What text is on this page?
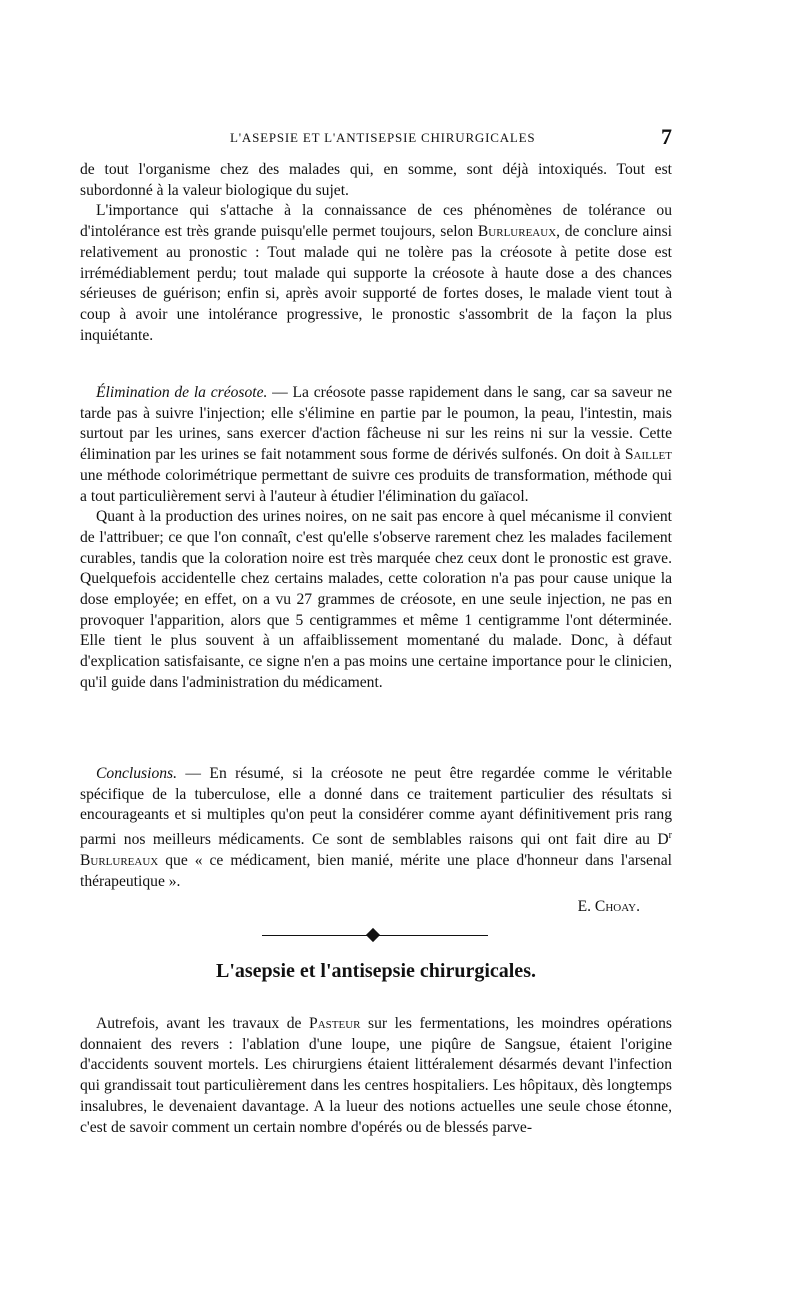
L'ASEPSIE ET L'ANTISEPSIE CHIRURGICALES	7

de tout l'organisme chez des malades qui, en somme, sont déjà intoxiqués. Tout est subordonné à la valeur biologique du sujet.

L'importance qui s'attache à la connaissance de ces phénomènes de tolérance ou d'intolérance est très grande puisqu'elle permet toujours, selon Burlureaux, de conclure ainsi relativement au pronostic : Tout malade qui ne tolère pas la créosote à petite dose est irrémédiablement perdu; tout malade qui supporte la créosote à haute dose a des chances sérieuses de guérison; enfin si, après avoir supporté de fortes doses, le malade vient tout à coup à avoir une intolérance progressive, le pronostic s'assombrit de la façon la plus inquiétante.

Élimination de la créosote. — La créosote passe rapidement dans le sang, car sa saveur ne tarde pas à suivre l'injection; elle s'élimine en partie par le poumon, la peau, l'intestin, mais surtout par les urines, sans exercer d'action fâcheuse ni sur les reins ni sur la vessie. Cette élimination par les urines se fait notamment sous forme de dérivés sulfonés. On doit à Saillet une méthode colorimétrique permettant de suivre ces produits de transformation, méthode qui a tout particulièrement servi à l'auteur à étudier l'élimination du gaïacol.

Quant à la production des urines noires, on ne sait pas encore à quel mécanisme il convient de l'attribuer; ce que l'on connaît, c'est qu'elle s'observe rarement chez les malades facilement curables, tandis que la coloration noire est très marquée chez ceux dont le pronostic est grave. Quelquefois accidentelle chez certains malades, cette coloration n'a pas pour cause unique la dose employée; en effet, on a vu 27 grammes de créosote, en une seule injection, ne pas en provoquer l'apparition, alors que 5 centigrammes et même 1 centigramme l'ont déterminée. Elle tient le plus souvent à un affaiblissement momentané du malade. Donc, à défaut d'explication satisfaisante, ce signe n'en a pas moins une certaine importance pour le clinicien, qu'il guide dans l'administration du médicament.

Conclusions. — En résumé, si la créosote ne peut être regardée comme le véritable spécifique de la tuberculose, elle a donné dans ce traitement particulier des résultats si encourageants et si multiples qu'on peut la considérer comme ayant définitivement pris rang parmi nos meilleurs médicaments. Ce sont de semblables raisons qui ont fait dire au $D^r$ Burlureaux que « ce médicament, bien manié, mérite une place d'honneur dans l'arsenal thérapeutique ».

E. Choay.
L'asepsie et l'antisepsie chirurgicales.

Autrefois, avant les travaux de Pasteur sur les fermentations, les moindres opérations donnaient des revers : l'ablation d'une loupe, une piqûre de Sangsue, étaient l'origine d'accidents souvent mortels. Les chirurgiens étaient littéralement désarmés devant l'infection qui grandissait tout particulièrement dans les centres hospitaliers. Les hôpitaux, dès longtemps insalubres, le devenaient davantage. A la lueur des notions actuelles une seule chose étonne, c'est de savoir comment un certain nombre d'opérés ou de blessés parve-
